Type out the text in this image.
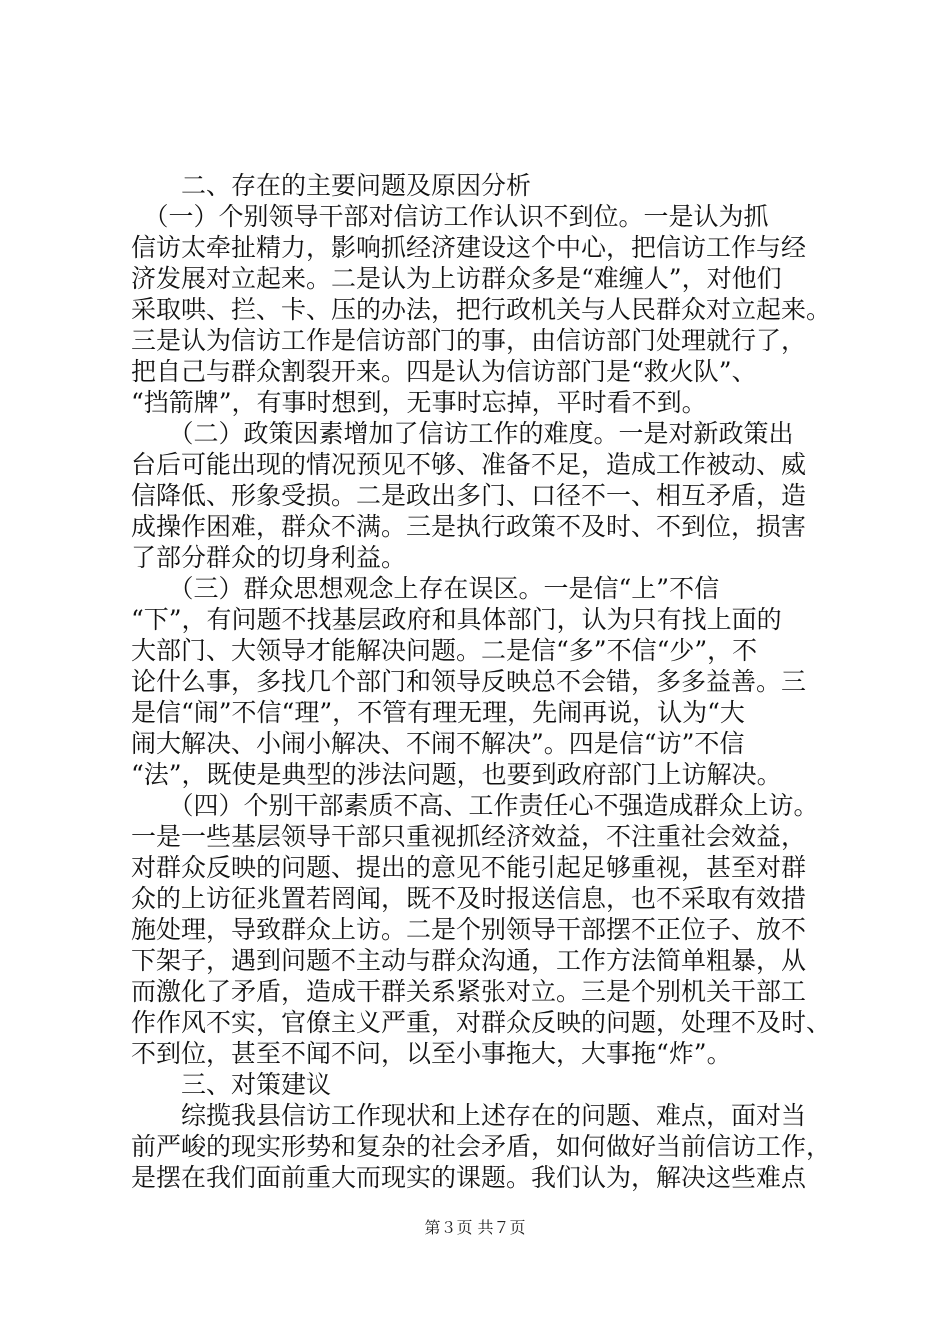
　　二、存在的主要问题及原因分析
　（一）个别领导干部对信访工作认识不到位。一是认为抓
信访太牵扯精力，影响抓经济建设这个中心，把信访工作与经
济发展对立起来。二是认为上访群众多是“难缠人”，对他们
采取哄、拦、卡、压的办法，把行政机关与人民群众对立起来。
三是认为信访工作是信访部门的事，由信访部门处理就行了，
把自己与群众割裂开来。四是认为信访部门是“救火队”、
“挡箭牌”，有事时想到，无事时忘掉，平时看不到。
　　（二）政策因素增加了信访工作的难度。一是对新政策出
台后可能出现的情况预见不够、准备不足，造成工作被动、威
信降低、形象受损。二是政出多门、口径不一、相互矛盾，造
成操作困难，群众不满。三是执行政策不及时、不到位，损害
了部分群众的切身利益。
　　（三）群众思想观念上存在误区。一是信“上”不信
“下”，有问题不找基层政府和具体部门，认为只有找上面的
大部门、大领导才能解决问题。二是信“多”不信“少”，不
论什么事，多找几个部门和领导反映总不会错，多多益善。三
是信“闹”不信“理”，不管有理无理，先闹再说，认为“大
闹大解决、小闹小解决、不闹不解决”。四是信“访”不信
“法”，既使是典型的涉法问题，也要到政府部门上访解决。
　　（四）个别干部素质不高、工作责任心不强造成群众上访。
一是一些基层领导干部只重视抓经济效益，不注重社会效益，
对群众反映的问题、提出的意见不能引起足够重视，甚至对群
众的上访征兆置若罔闻，既不及时报送信息，也不采取有效措
施处理，导致群众上访。二是个别领导干部摆不正位子、放不
下架子，遇到问题不主动与群众沟通，工作方法简单粗暴，从
而激化了矛盾，造成干群关系紧张对立。三是个别机关干部工
作作风不实，官僚主义严重，对群众反映的问题，处理不及时、
不到位，甚至不闻不问，以至小事拖大，大事拖“炸”。
　　三、对策建议
　　综揽我县信访工作现状和上述存在的问题、难点，面对当
前严峻的现实形势和复杂的社会矛盾，如何做好当前信访工作，
是摆在我们面前重大而现实的课题。我们认为，解决这些难点
第３页 共７页
